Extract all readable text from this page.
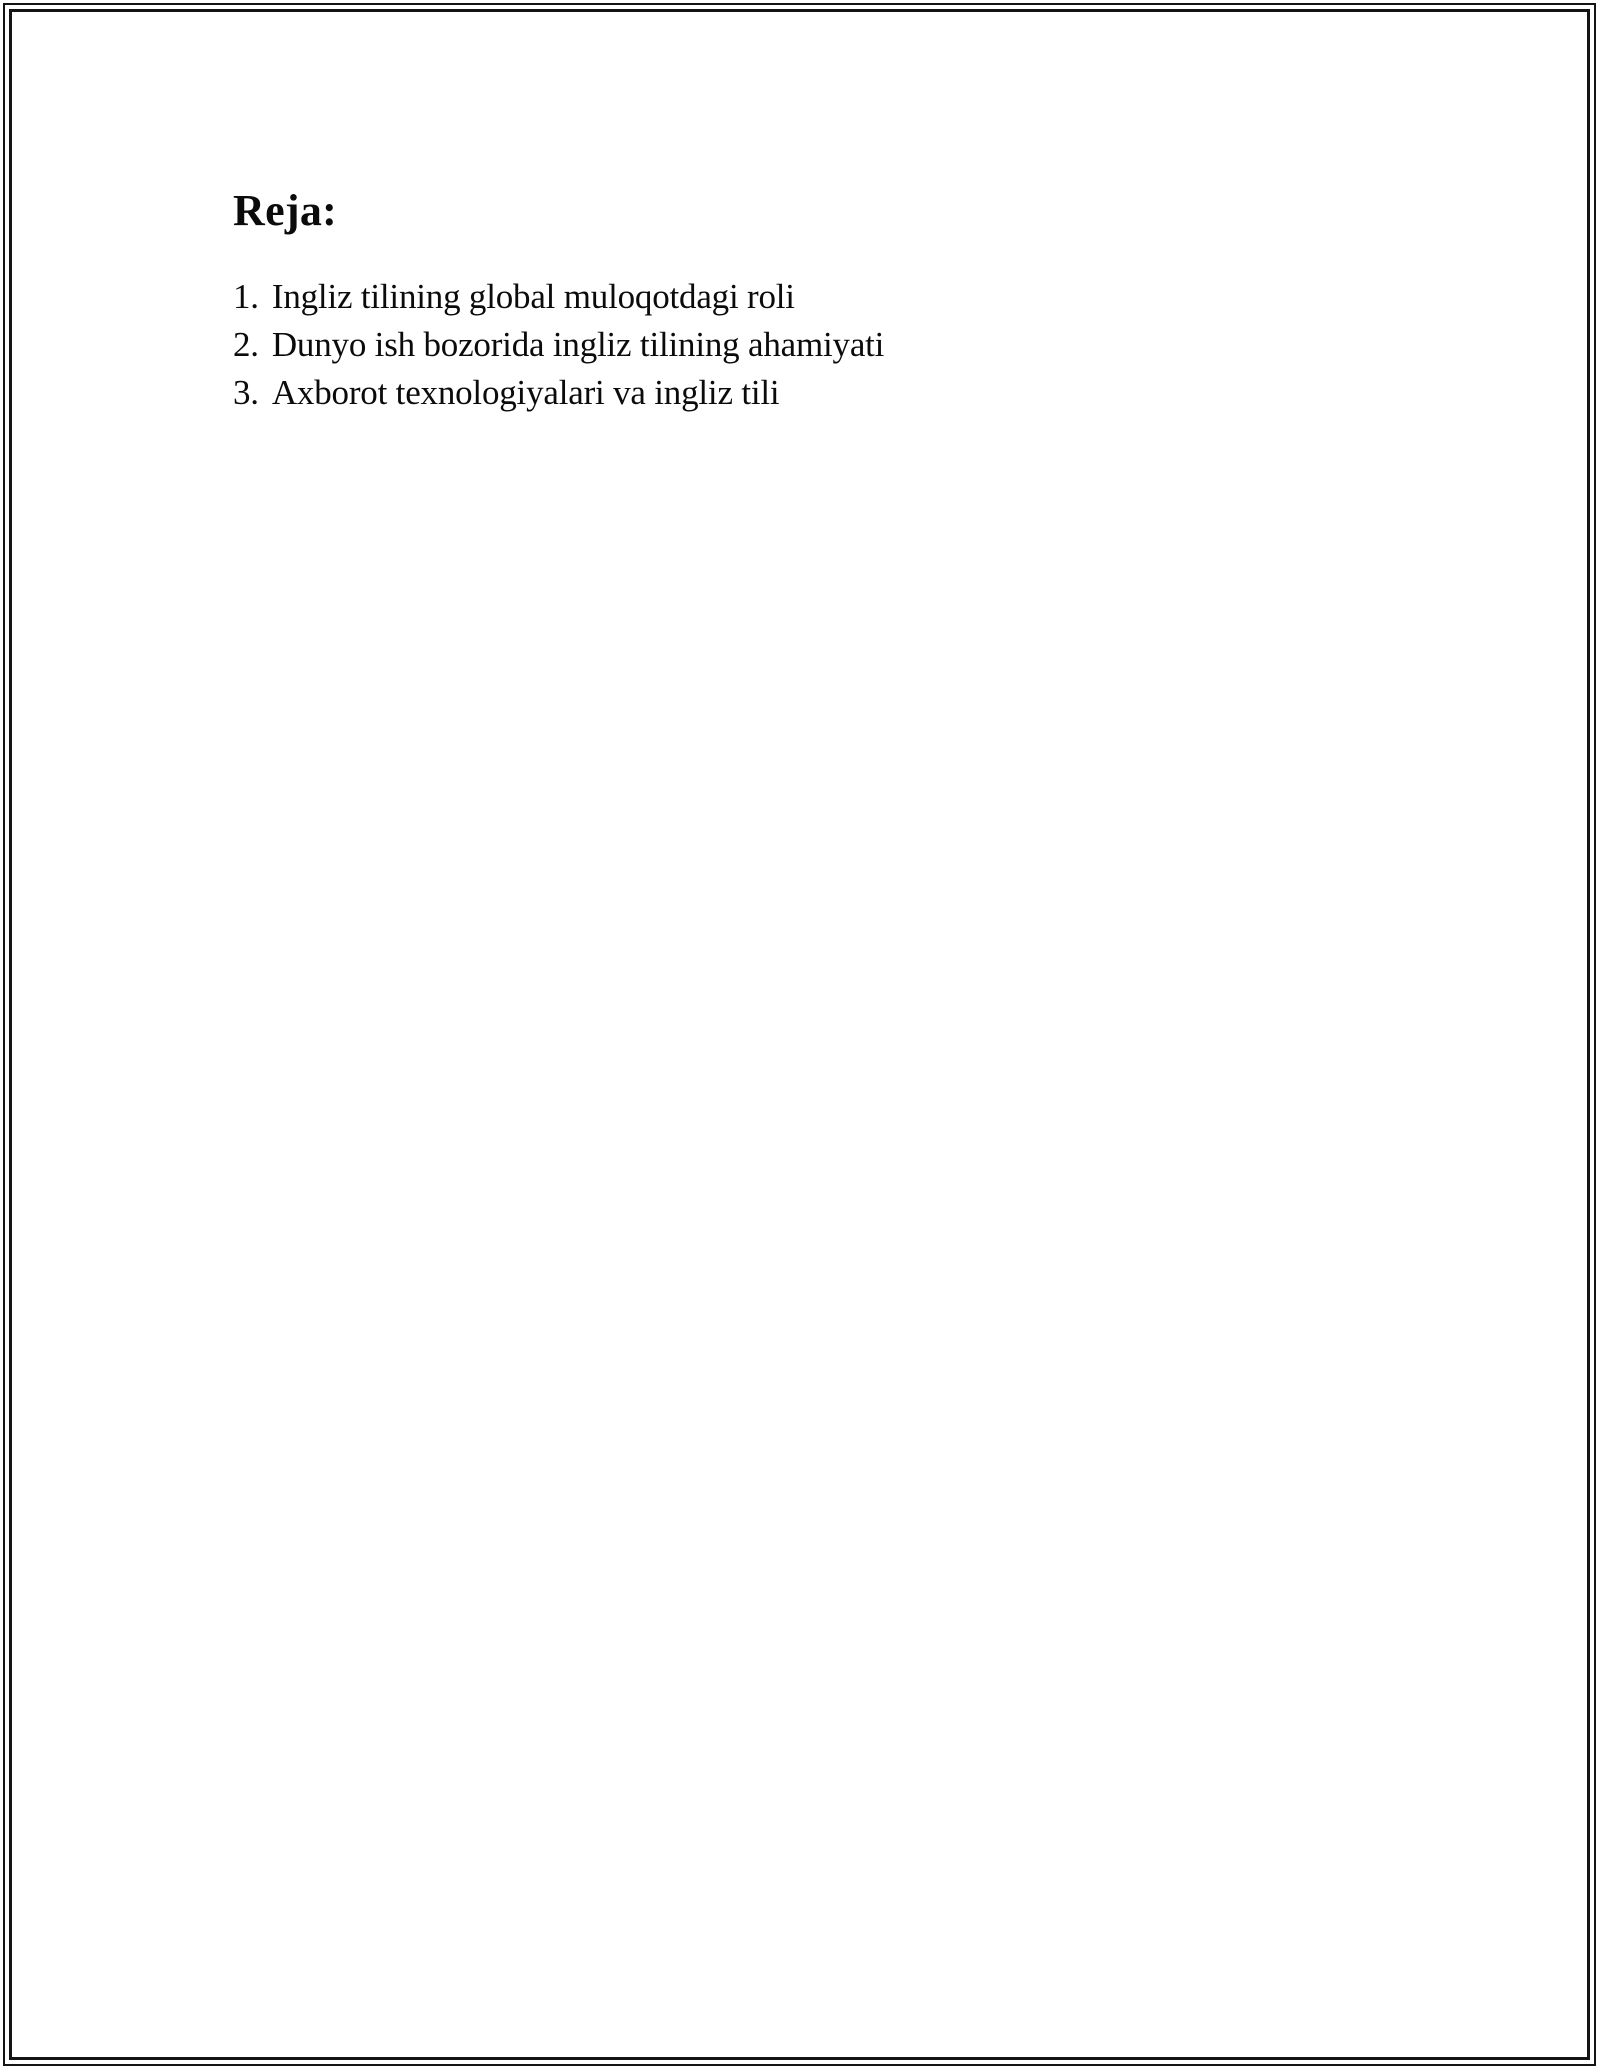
Reja:
1. Ingliz tilining global muloqotdagi roli
2. Dunyo ish bozorida ingliz tilining ahamiyati
3. Axborot texnologiyalari va ingliz tili
